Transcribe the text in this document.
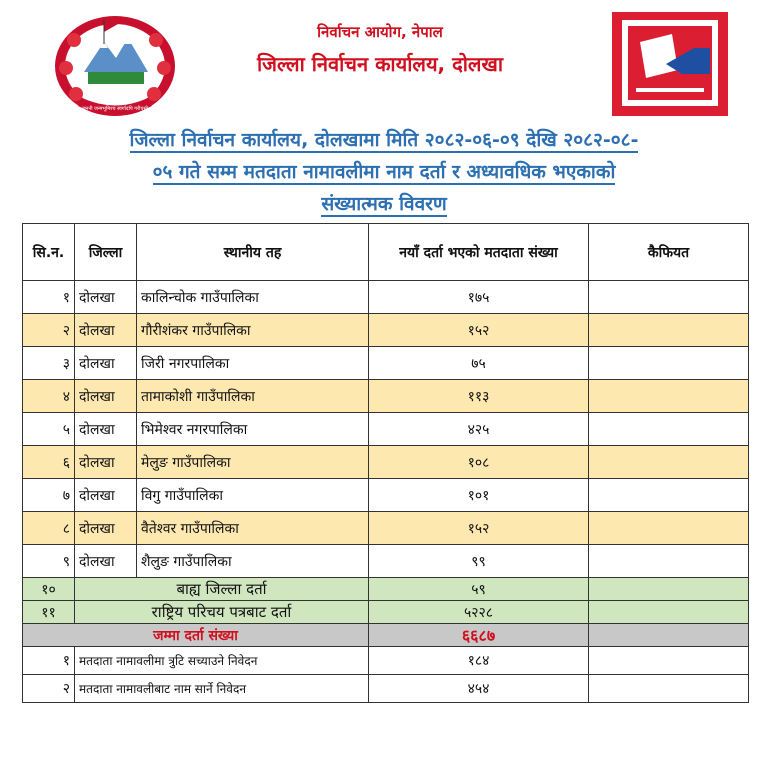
जननी जन्मभूमिश्च स्वर्गादपि गरीयसी
निर्वाचन आयोग, नेपाल
जिल्ला निर्वाचन कार्यालय, दोलखा
जिल्ला निर्वाचन कार्यालय, दोलखामा मिति २०८२-०६-०९ देखि २०८२-०८-
०५ गते सम्म मतदाता नामावलीमा नाम दर्ता र अध्यावधिक भएकाको
संख्यात्मक विवरण
सि.न.	जिल्ला	स्थानीय तह	नयाँ दर्ता भएको मतदाता संख्या	कैफियत
१	दोलखा	कालिन्चोक गाउँपालिका	१७५	
२	दोलखा	गौरीशंकर गाउँपालिका	१५२	
३	दोलखा	जिरी नगरपालिका	७५	
४	दोलखा	तामाकोशी गाउँपालिका	११३	
५	दोलखा	भिमेश्वर नगरपालिका	४२५	
६	दोलखा	मेलुङ गाउँपालिका	१०८	
७	दोलखा	विगु गाउँपालिका	१०१	
८	दोलखा	वैतेश्वर गाउँपालिका	१५२	
९	दोलखा	शैलुङ गाउँपालिका	९९	
१०	बाह्य जिल्ला दर्ता		५९	
११	राष्ट्रिय परिचय पत्रबाट दर्ता		५२२८	
जम्मा दर्ता संख्या			६६८७	
१	मतदाता नामावलीमा त्रुटि सच्याउने निवेदन		१८४	
२	मतदाता नामावलीबाट नाम सार्ने निवेदन		४५४	
